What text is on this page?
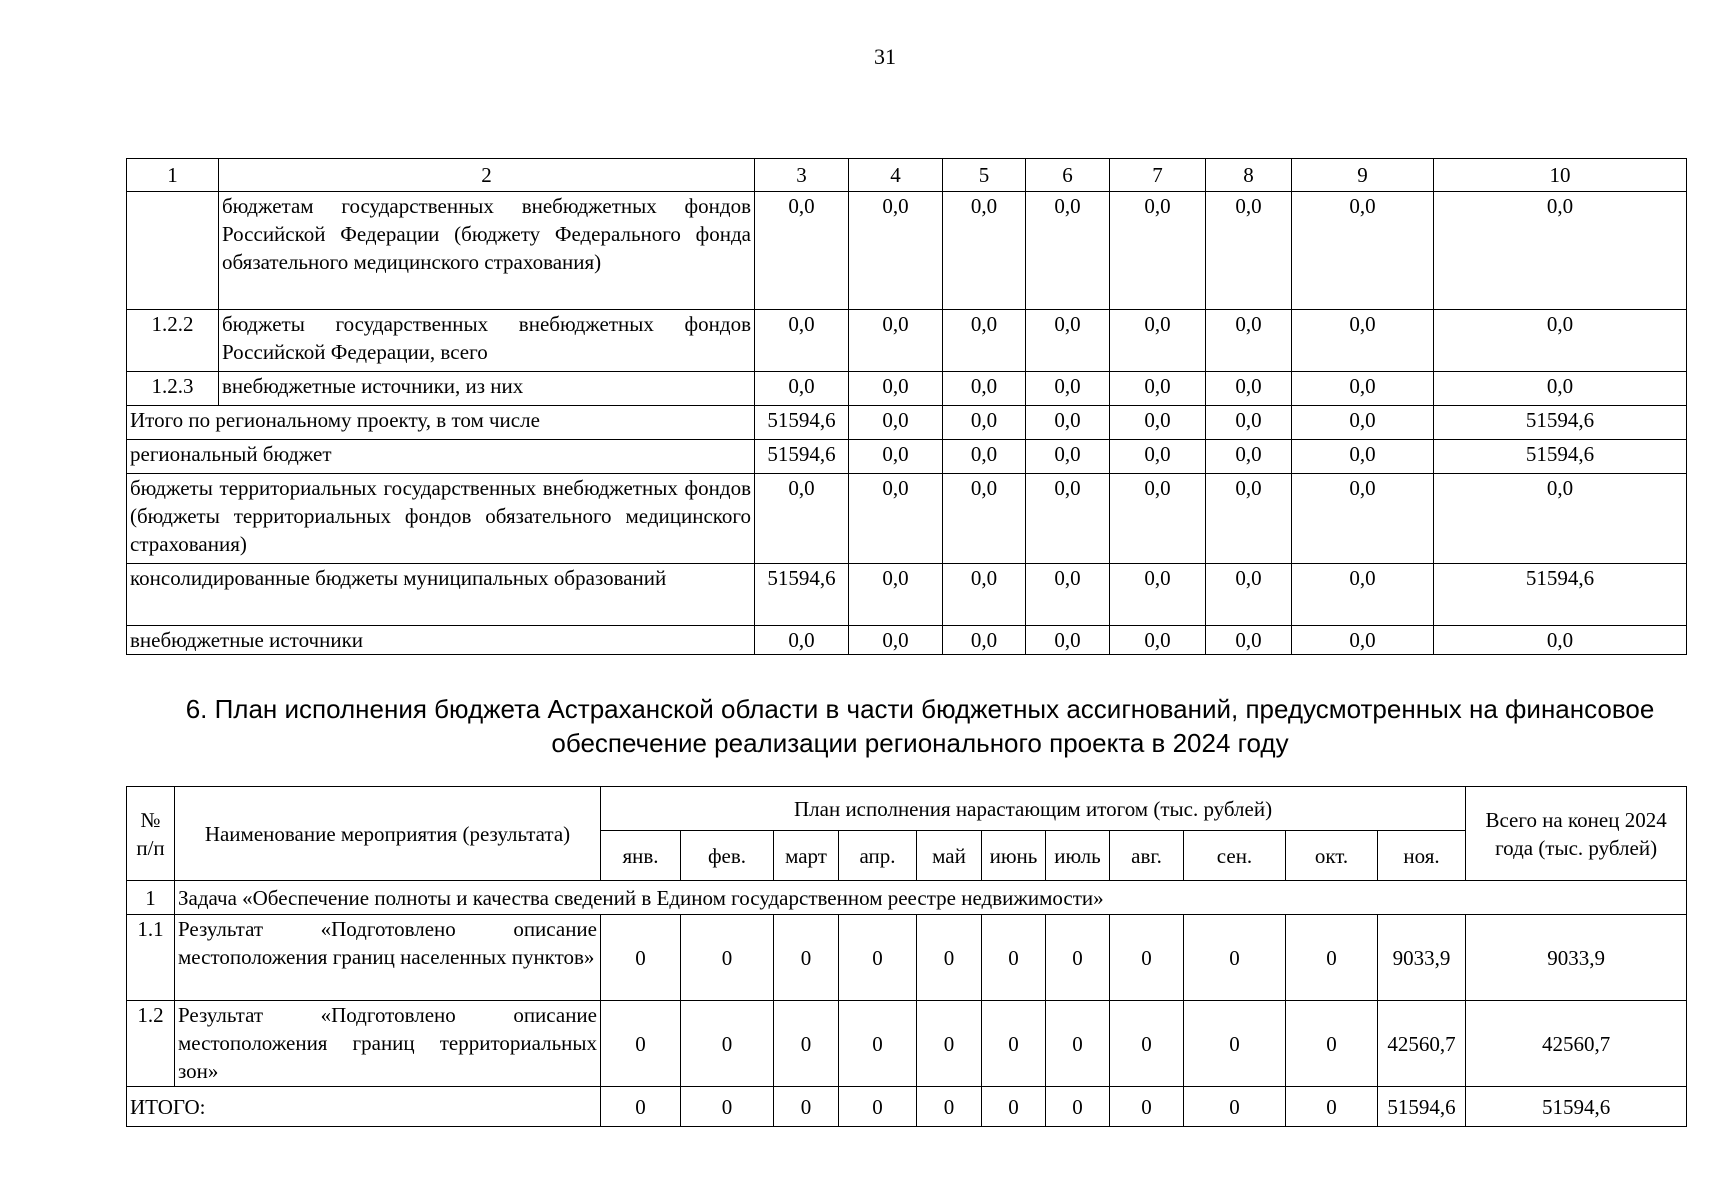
31
1	2	3	4	5	6	7	8	9	10
	бюджетам государственных внебюджетных фондов Российской Федерации (бюджету Федерального фонда обязательного медицинского страхования)	0,0	0,0	0,0	0,0	0,0	0,0	0,0	0,0
1.2.2	бюджеты государственных внебюджетных фондов Российской Федерации, всего	0,0	0,0	0,0	0,0	0,0	0,0	0,0	0,0
1.2.3	внебюджетные источники, из них	0,0	0,0	0,0	0,0	0,0	0,0	0,0	0,0
Итого по региональному проекту, в том числе		51594,6	0,0	0,0	0,0	0,0	0,0	0,0	51594,6
региональный бюджет		51594,6	0,0	0,0	0,0	0,0	0,0	0,0	51594,6
бюджеты территориальных государственных внебюджетных фондов (бюджеты территориальных фондов обязательного медицинского страхования)		0,0	0,0	0,0	0,0	0,0	0,0	0,0	0,0
консолидированные бюджеты муниципальных образований		51594,6	0,0	0,0	0,0	0,0	0,0	0,0	51594,6
внебюджетные источники		0,0	0,0	0,0	0,0	0,0	0,0	0,0	0,0
6. План исполнения бюджета Астраханской области в части бюджетных ассигнований, предусмотренных на финансовое обеспечение реализации регионального проекта в 2024 году
№ п/п	Наименование мероприятия (результата)	План исполнения нарастающим итогом (тыс. рублей)											Всего на конец 2024 года (тыс. рублей)
		янв.	фев.	март	апр.	май	июнь	июль	авг.	сен.	окт.	ноя.	
1	Задача «Обеспечение полноты и качества сведений в Едином государственном реестре недвижимости»												
1.1	Результат «Подготовлено описание местоположения границ населенных пунктов»	0	0	0	0	0	0	0	0	0	0	9033,9	9033,9
1.2	Результат «Подготовлено описание местоположения границ территориальных зон»	0	0	0	0	0	0	0	0	0	0	42560,7	42560,7
ИТОГО:		0	0	0	0	0	0	0	0	0	0	51594,6	51594,6
